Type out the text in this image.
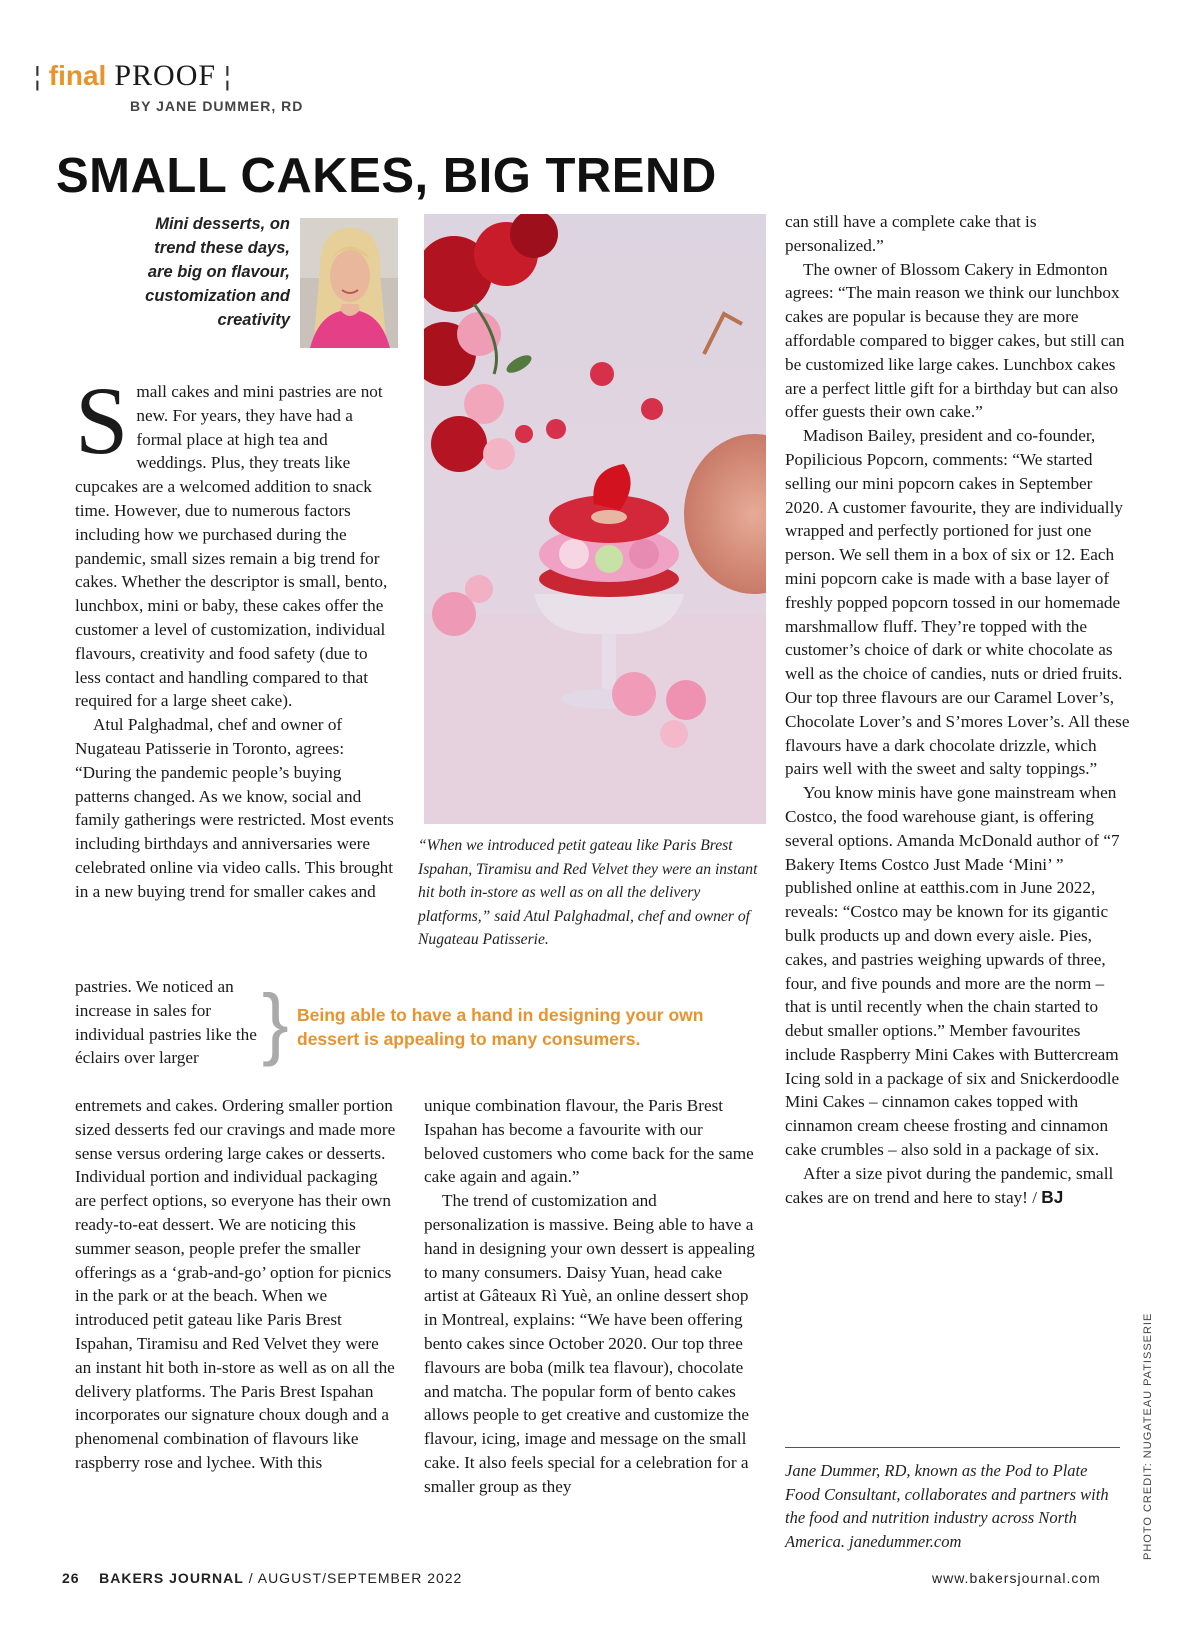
¦ final PROOF ¦
BY JANE DUMMER, RD
SMALL CAKES, BIG TREND
Mini desserts, on trend these days, are big on flavour, customization and creativity
S mall cakes and mini pastries are not new. For years, they have had a formal place at high tea and weddings. Plus, they treats like cupcakes are a welcomed addition to snack time. However, due to numerous factors including how we purchased during the pandemic, small sizes remain a big trend for cakes. Whether the descriptor is small, bento, lunchbox, mini or baby, these cakes offer the customer a level of customization, individual flavours, creativity and food safety (due to less contact and handling compared to that required for a large sheet cake).

Atul Palghadmal, chef and owner of Nugateau Patisserie in Toronto, agrees: “During the pandemic people’s buying patterns changed. As we know, social and family gatherings were restricted. Most events including birthdays and anniversaries were celebrated online via video calls. This brought in a new buying trend for smaller cakes and

pastries. We noticed an increase in sales for individual pastries like the éclairs over larger } Being able to have a hand in designing your own dessert is appealing to many consumers.

entremets and cakes. Ordering smaller portion sized desserts fed our cravings and made more sense versus ordering large cakes or desserts. Individual portion and individual packaging are perfect options, so everyone has their own ready-to-eat dessert. We are noticing this summer season, people prefer the smaller offerings as a ‘grab-and-go’ option for picnics in the park or at the beach. When we introduced petit gateau like Paris Brest Ispahan, Tiramisu and Red Velvet they were an instant hit both in-store as well as on all the delivery platforms. The Paris Brest Ispahan incorporates our signature choux dough and a phenomenal combination of flavours like raspberry rose and lychee. With this

“When we introduced petit gateau like Paris Brest Ispahan, Tiramisu and Red Velvet they were an instant hit both in-store as well as on all the delivery platforms,” said Atul Palghadmal, chef and owner of Nugateau Patisserie.

unique combination flavour, the Paris Brest Ispahan has become a favourite with our beloved customers who come back for the same cake again and again.”

The trend of customization and personalization is massive. Being able to have a hand in designing your own dessert is appealing to many consumers. Daisy Yuan, head cake artist at Gâteaux Rì Yuè, an online dessert shop in Montreal, explains: “We have been offering bento cakes since October 2020. Our top three flavours are boba (milk tea flavour), chocolate and matcha. The popular form of bento cakes allows people to get creative and customize the flavour, icing, image and message on the small cake. It also feels special for a celebration for a smaller group as they

can still have a complete cake that is personalized.”

The owner of Blossom Cakery in Edmonton agrees: “The main reason we think our lunchbox cakes are popular is because they are more affordable compared to bigger cakes, but still can be customized like large cakes. Lunchbox cakes are a perfect little gift for a birthday but can also offer guests their own cake.”

Madison Bailey, president and co-founder, Popilicious Popcorn, comments: “We started selling our mini popcorn cakes in September 2020. A customer favourite, they are individually wrapped and perfectly portioned for just one person. We sell them in a box of six or 12. Each mini popcorn cake is made with a base layer of freshly popped popcorn tossed in our homemade marshmallow fluff. They’re topped with the customer’s choice of dark or white chocolate as well as the choice of candies, nuts or dried fruits. Our top three flavours are our Caramel Lover’s, Chocolate Lover’s and S’mores Lover’s. All these flavours have a dark chocolate drizzle, which pairs well with the sweet and salty toppings.”

You know minis have gone mainstream when Costco, the food warehouse giant, is offering several options. Amanda McDonald author of “7 Bakery Items Costco Just Made ‘Mini’ ” published online at eatthis.com in June 2022, reveals: “Costco may be known for its gigantic bulk products up and down every aisle. Pies, cakes, and pastries weighing upwards of three, four, and five pounds and more are the norm – that is until recently when the chain started to debut smaller options.” Member favourites include Raspberry Mini Cakes with Buttercream Icing sold in a package of six and Snickerdoodle Mini Cakes – cinnamon cakes topped with cinnamon cream cheese frosting and cinnamon cake crumbles – also sold in a package of six.

After a size pivot during the pandemic, small cakes are on trend and here to stay! / BJ

Jane Dummer, RD, known as the Pod to Plate Food Consultant, collaborates and partners with the food and nutrition industry across North America. janedummer.com	PHOTO CREDIT: NUGATEAU PATISSERIE
26 BAKERS JOURNAL / AUGUST/SEPTEMBER 2022	www.bakersjournal.com
